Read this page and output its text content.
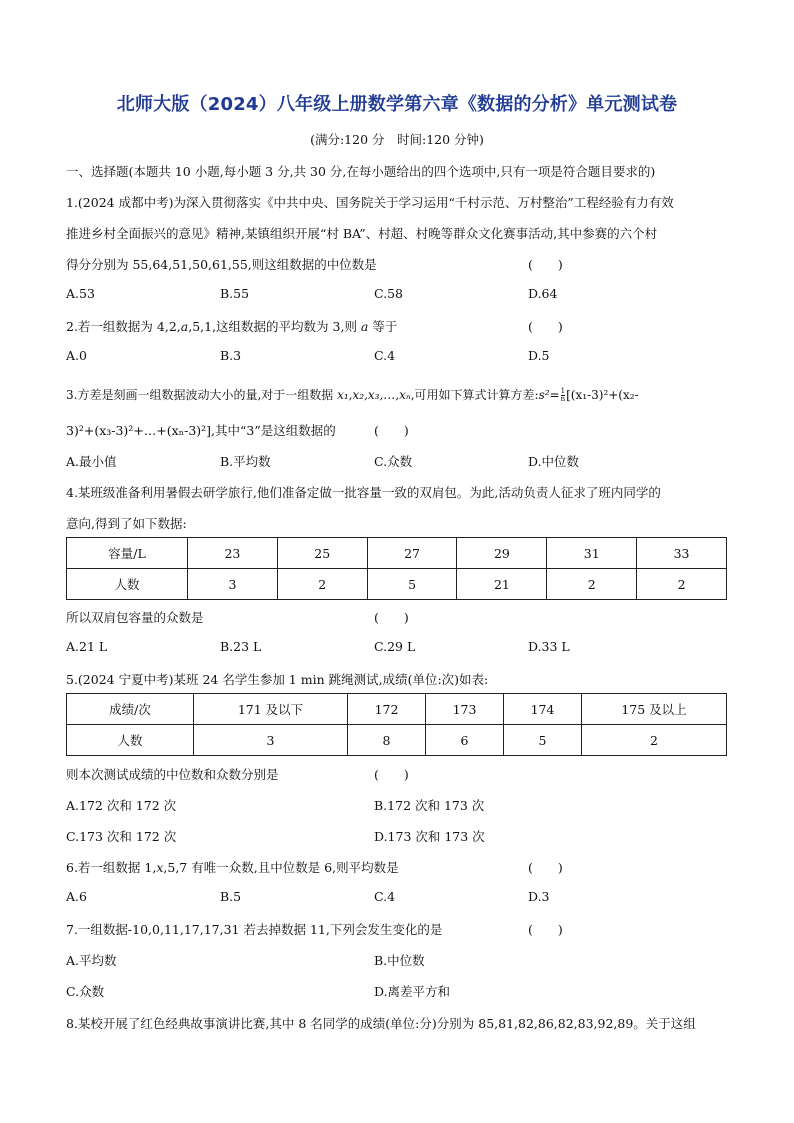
北师大版（2024）八年级上册数学第六章《数据的分析》单元测试卷
(满分:120 分　时间:120 分钟)
一、选择题(本题共 10 小题,每小题 3 分,共 30 分,在每小题给出的四个选项中,只有一项是符合题目要求的)
1.(2024 成都中考)为深入贯彻落实《中共中央、国务院关于学习运用“千村示范、万村整治”工程经验有力有效
推进乡村全面振兴的意见》精神,某镇组织开展“村 BA”、村超、村晚等群众文化赛事活动,其中参赛的六个村
得分分别为 55,64,51,50,61,55,则这组数据的中位数是	(　　)
A.53	B.55	C.58	D.64
2.若一组数据为 4,2,a,5,1,这组数据的平均数为 3,则 a 等于	(　　)
A.0	B.3	C.4	D.5
3.方差是刻画一组数据波动大小的量,对于一组数据 x₁,x₂,x₃,…,xₙ,可用如下算式计算方差:s²= $\frac{1}{n} [(x_1-3)^2+(x_2-$
3)²+(x₃-3)²+…+(xₙ-3)²],其中“3”是这组数据的	(　　)
A.最小值	B.平均数	C.众数	D.中位数
4.某班级准备利用暑假去研学旅行,他们准备定做一批容量一致的双肩包。为此,活动负责人征求了班内同学的
意向,得到了如下数据:
容量/L	23	25	27	29	31	33
人数	3	2	5	21	2	2
所以双肩包容量的众数是	(　　)
A.21 L	B.23 L	C.29 L	D.33 L
5.(2024 宁夏中考)某班 24 名学生参加 1 min 跳绳测试,成绩(单位:次)如表:
成绩/次	171 及以下	172	173	174	175 及以上
人数	3	8	6	5	2
则本次测试成绩的中位数和众数分别是	(　　)
A.172 次和 172 次	B.172 次和 173 次
C.173 次和 172 次	D.173 次和 173 次
6.若一组数据 1,x,5,7 有唯一众数,且中位数是 6,则平均数是	(　　)
A.6	B.5	C.4	D.3
7.一组数据-10,0,11,17,17,31 若去掉数据 11,下列会发生变化的是	(　　)
A.平均数	B.中位数
C.众数	D.离差平方和
8.某校开展了红色经典故事演讲比赛,其中 8 名同学的成绩(单位:分)分别为 85,81,82,86,82,83,92,89。关于这组
